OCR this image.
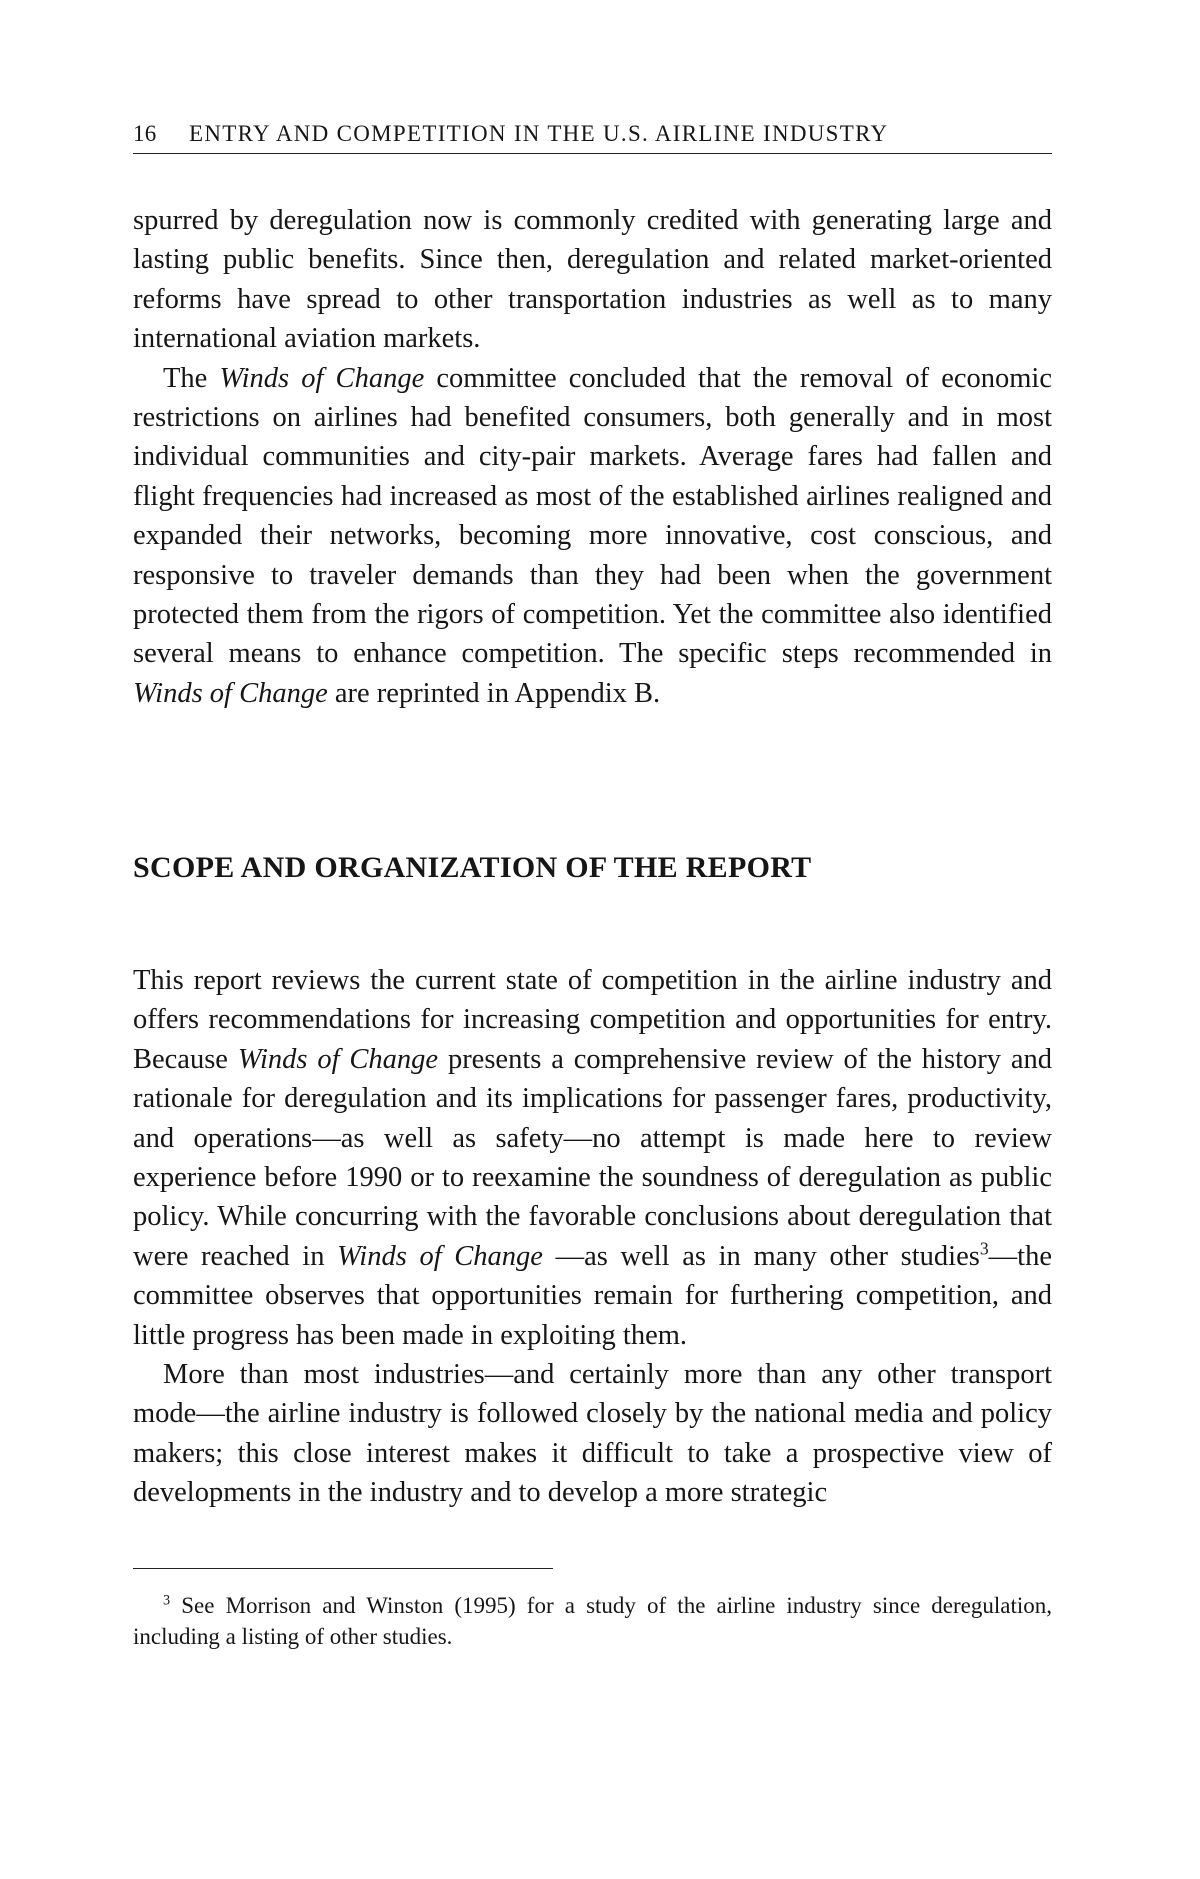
16 ENTRY AND COMPETITION IN THE U.S. AIRLINE INDUSTRY

spurred by deregulation now is commonly credited with generating large and lasting public benefits. Since then, deregulation and related market-oriented reforms have spread to other transportation industries as well as to many international aviation markets.

The Winds of Change committee concluded that the removal of economic restrictions on airlines had benefited consumers, both generally and in most individual communities and city-pair markets. Average fares had fallen and flight frequencies had increased as most of the established airlines realigned and expanded their networks, becoming more innovative, cost conscious, and responsive to traveler demands than they had been when the government protected them from the rigors of competition. Yet the committee also identified several means to enhance competition. The specific steps recommended in Winds of Change are reprinted in Appendix B.

SCOPE AND ORGANIZATION OF THE REPORT

This report reviews the current state of competition in the airline industry and offers recommendations for increasing competition and opportunities for entry. Because Winds of Change presents a comprehensive review of the history and rationale for deregulation and its implications for passenger fares, productivity, and operations—as well as safety—no attempt is made here to review experience before 1990 or to reexamine the soundness of deregulation as public policy. While concurring with the favorable conclusions about deregulation that were reached in Winds of Change —as well as in many other studies$^3$—the committee observes that opportunities remain for furthering competition, and little progress has been made in exploiting them.

More than most industries—and certainly more than any other transport mode—the airline industry is followed closely by the national media and policy makers; this close interest makes it difficult to take a prospective view of developments in the industry and to develop a more strategic

$^3$ See Morrison and Winston (1995) for a study of the airline industry since deregulation, including a listing of other studies.
